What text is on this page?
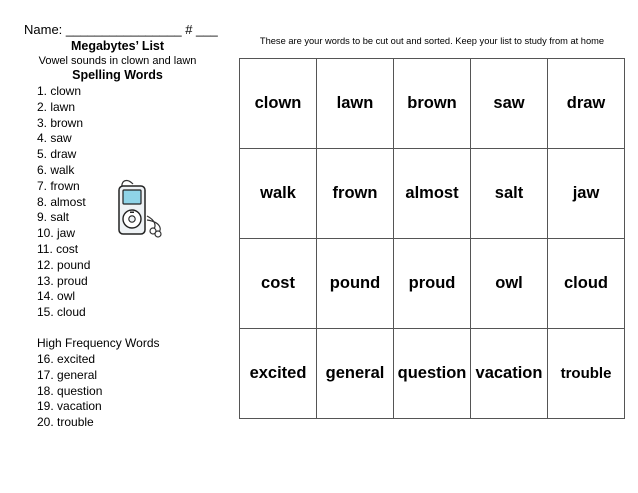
Name: ________________ # ___
Megabytes’ List
Vowel sounds in clown and lawn
Spelling Words
1. clown
2. lawn
3. brown
4. saw
5. draw
6. walk
7. frown
8. almost
9. salt
10. jaw
11. cost
12. pound
13. proud
14. owl
15. cloud
High Frequency Words
16. excited
17. general
18. question
19. vacation
20. trouble
These are your words to be cut out and sorted. Keep your list to study from at home
clown	lawn	brown	saw	draw
walk	frown	almost	salt	jaw
cost	pound	proud	owl	cloud
excited	general	question	vacation	trouble
